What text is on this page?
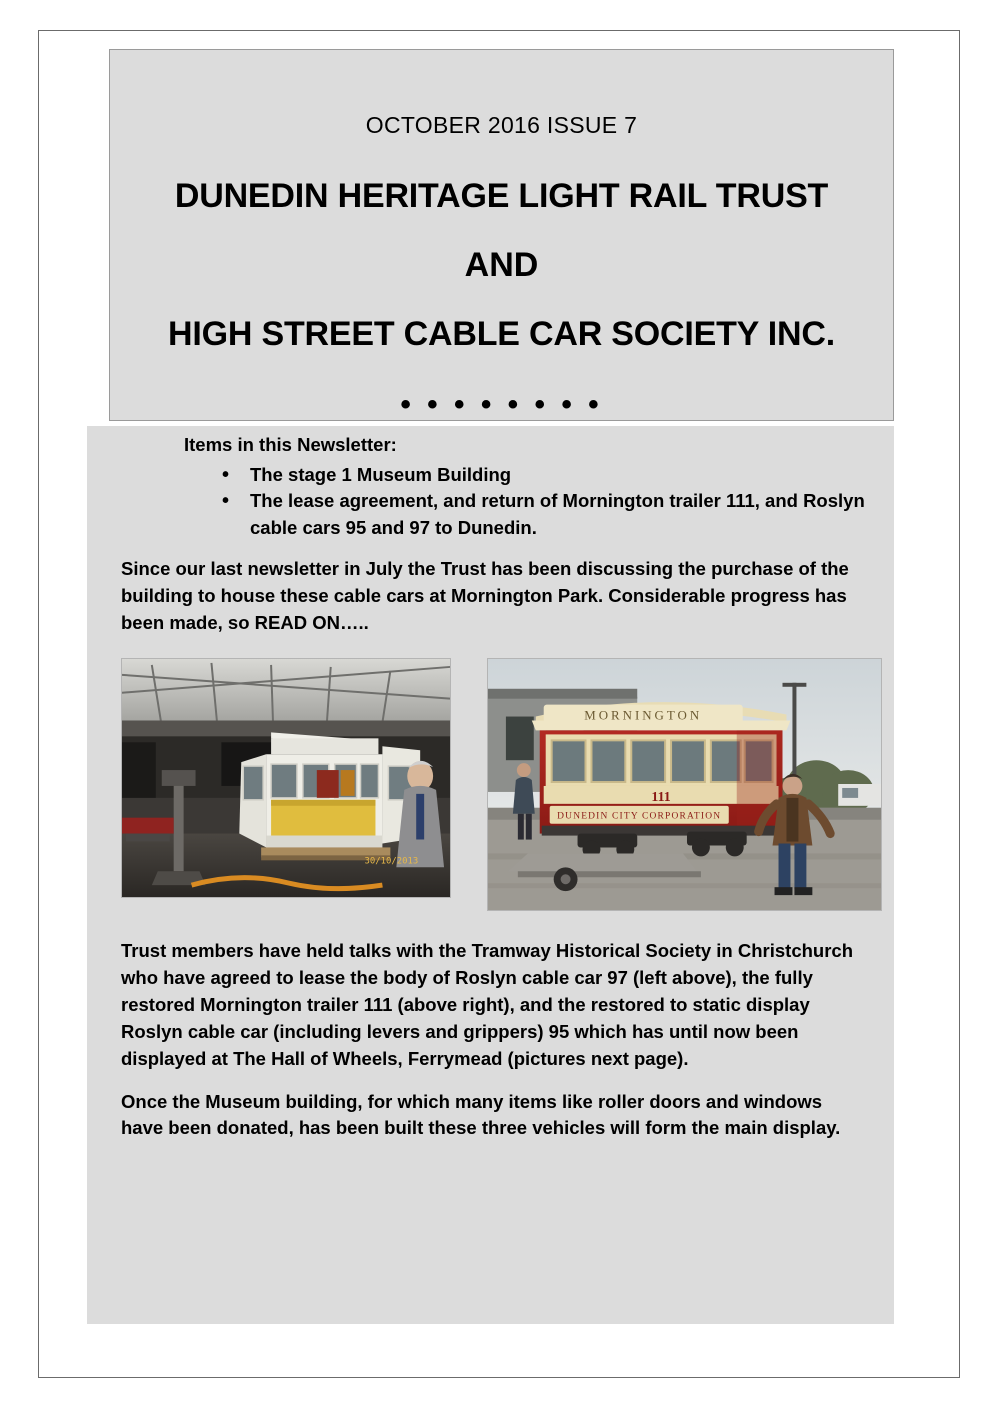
OCTOBER 2016 ISSUE 7
DUNEDIN HERITAGE LIGHT RAIL TRUST
AND
HIGH STREET CABLE CAR SOCIETY INC.
• • • • • • • •
Items in this Newsletter:
• The stage 1 Museum Building
• The lease agreement, and return of Mornington trailer 111, and Roslyn cable cars 95 and 97 to Dunedin.

Since our last newsletter in July the Trust has been discussing the purchase of the building to house these cable cars at Mornington Park. Considerable progress has been made, so READ ON…..

30/10/2013
MORNINGTON
111
DUNEDIN CITY CORPORATION

Trust members have held talks with the Tramway Historical Society in Christchurch who have agreed to lease the body of Roslyn cable car 97 (left above), the fully restored Mornington trailer 111 (above right), and the restored to static display Roslyn cable car (including levers and grippers) 95 which has until now been displayed at The Hall of Wheels, Ferrymead (pictures next page).

Once the Museum building, for which many items like roller doors and windows have been donated, has been built these three vehicles will form the main display.
